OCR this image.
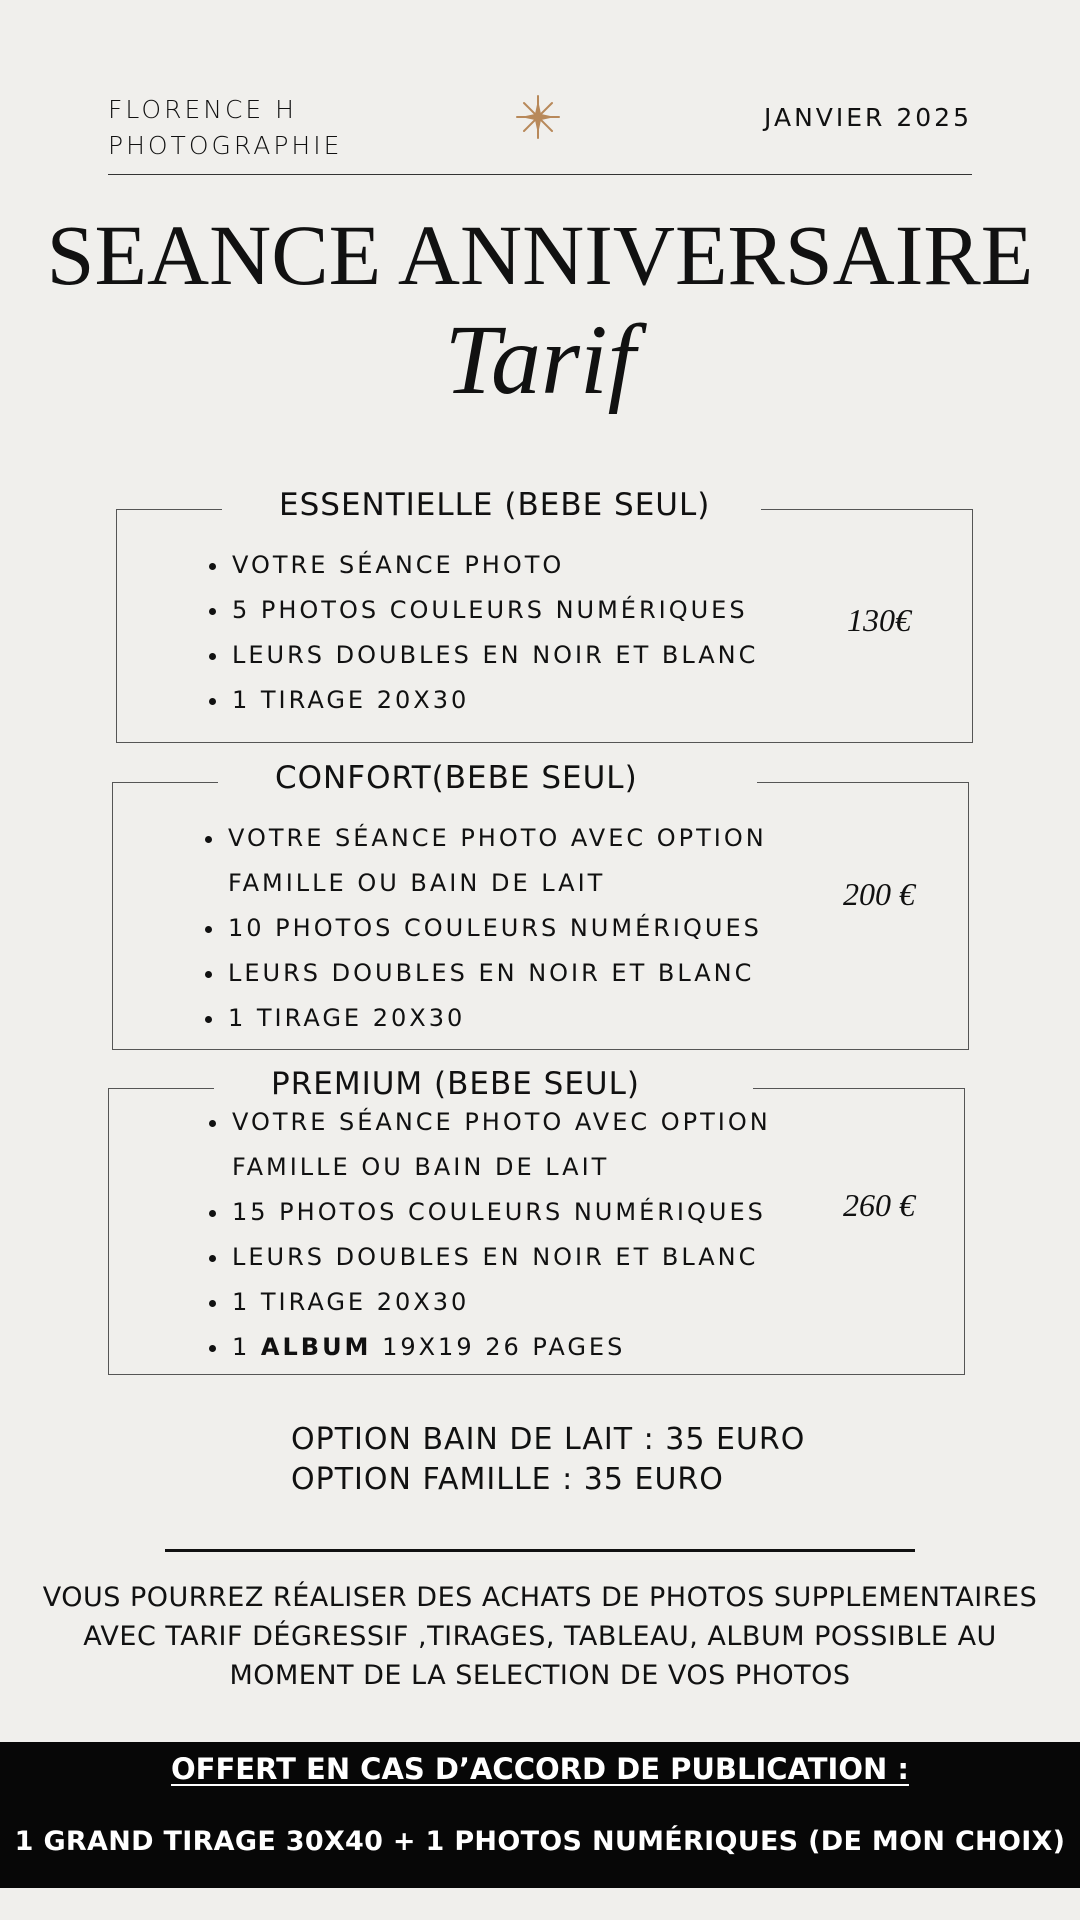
FLORENCE H
PHOTOGRAPHIE
JANVIER 2025
SEANCE ANNIVERSAIRE
Tarif
ESSENTIELLE (BEBE SEUL)
VOTRE SÉANCE PHOTO
5 PHOTOS COULEURS NUMÉRIQUES
LEURS DOUBLES EN NOIR ET BLANC
1 TIRAGE 20X30
130€
CONFORT(BEBE SEUL)
VOTRE SÉANCE PHOTO AVEC OPTION
FAMILLE OU BAIN DE LAIT
10 PHOTOS COULEURS NUMÉRIQUES
LEURS DOUBLES EN NOIR ET BLANC
1 TIRAGE 20X30
200 €
PREMIUM (BEBE SEUL)
VOTRE SÉANCE PHOTO AVEC OPTION
FAMILLE OU BAIN DE LAIT
15 PHOTOS COULEURS NUMÉRIQUES
LEURS DOUBLES EN NOIR ET BLANC
1 TIRAGE 20X30
1 ALBUM 19X19 26 PAGES
260 €
OPTION BAIN DE LAIT : 35 EURO
OPTION FAMILLE : 35 EURO
VOUS POURREZ RÉALISER DES ACHATS DE PHOTOS SUPPLEMENTAIRES AVEC TARIF DÉGRESSIF ,TIRAGES, TABLEAU, ALBUM POSSIBLE AU MOMENT DE LA SELECTION DE VOS PHOTOS
OFFERT EN CAS D’ACCORD DE PUBLICATION :
1 GRAND TIRAGE 30X40 + 1 PHOTOS NUMÉRIQUES (DE MON CHOIX)
